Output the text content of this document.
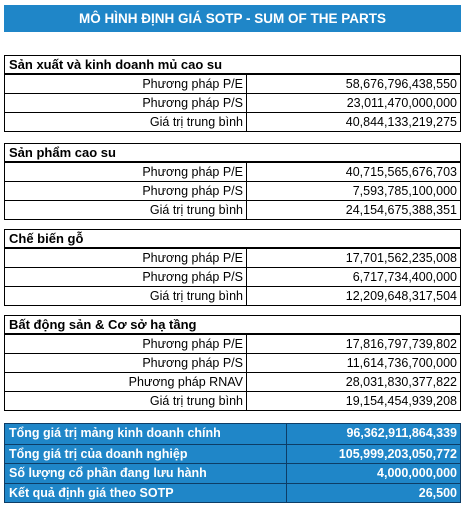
MÔ HÌNH ĐỊNH GIÁ SOTP - SUM OF THE PARTS
Sản xuất và kinh doanh mủ cao su
Phương pháp P/E	58,676,796,438,550
Phương pháp P/S	23,011,470,000,000
Giá trị trung bình	40,844,133,219,275
Sản phẩm cao su
Phương pháp P/E	40,715,565,676,703
Phương pháp P/S	7,593,785,100,000
Giá trị trung bình	24,154,675,388,351
Chế biến gỗ
Phương pháp P/E	17,701,562,235,008
Phương pháp P/S	6,717,734,400,000
Giá trị trung bình	12,209,648,317,504
Bất động sản & Cơ sở hạ tầng
Phương pháp P/E	17,816,797,739,802
Phương pháp P/S	11,614,736,700,000
Phương pháp RNAV	28,031,830,377,822
Giá trị trung bình	19,154,454,939,208
Tổng giá trị mảng kinh doanh chính	96,362,911,864,339
Tổng giá trị của doanh nghiệp	105,999,203,050,772
Số lượng cổ phần đang lưu hành	4,000,000,000
Kết quả định giá theo SOTP	26,500
